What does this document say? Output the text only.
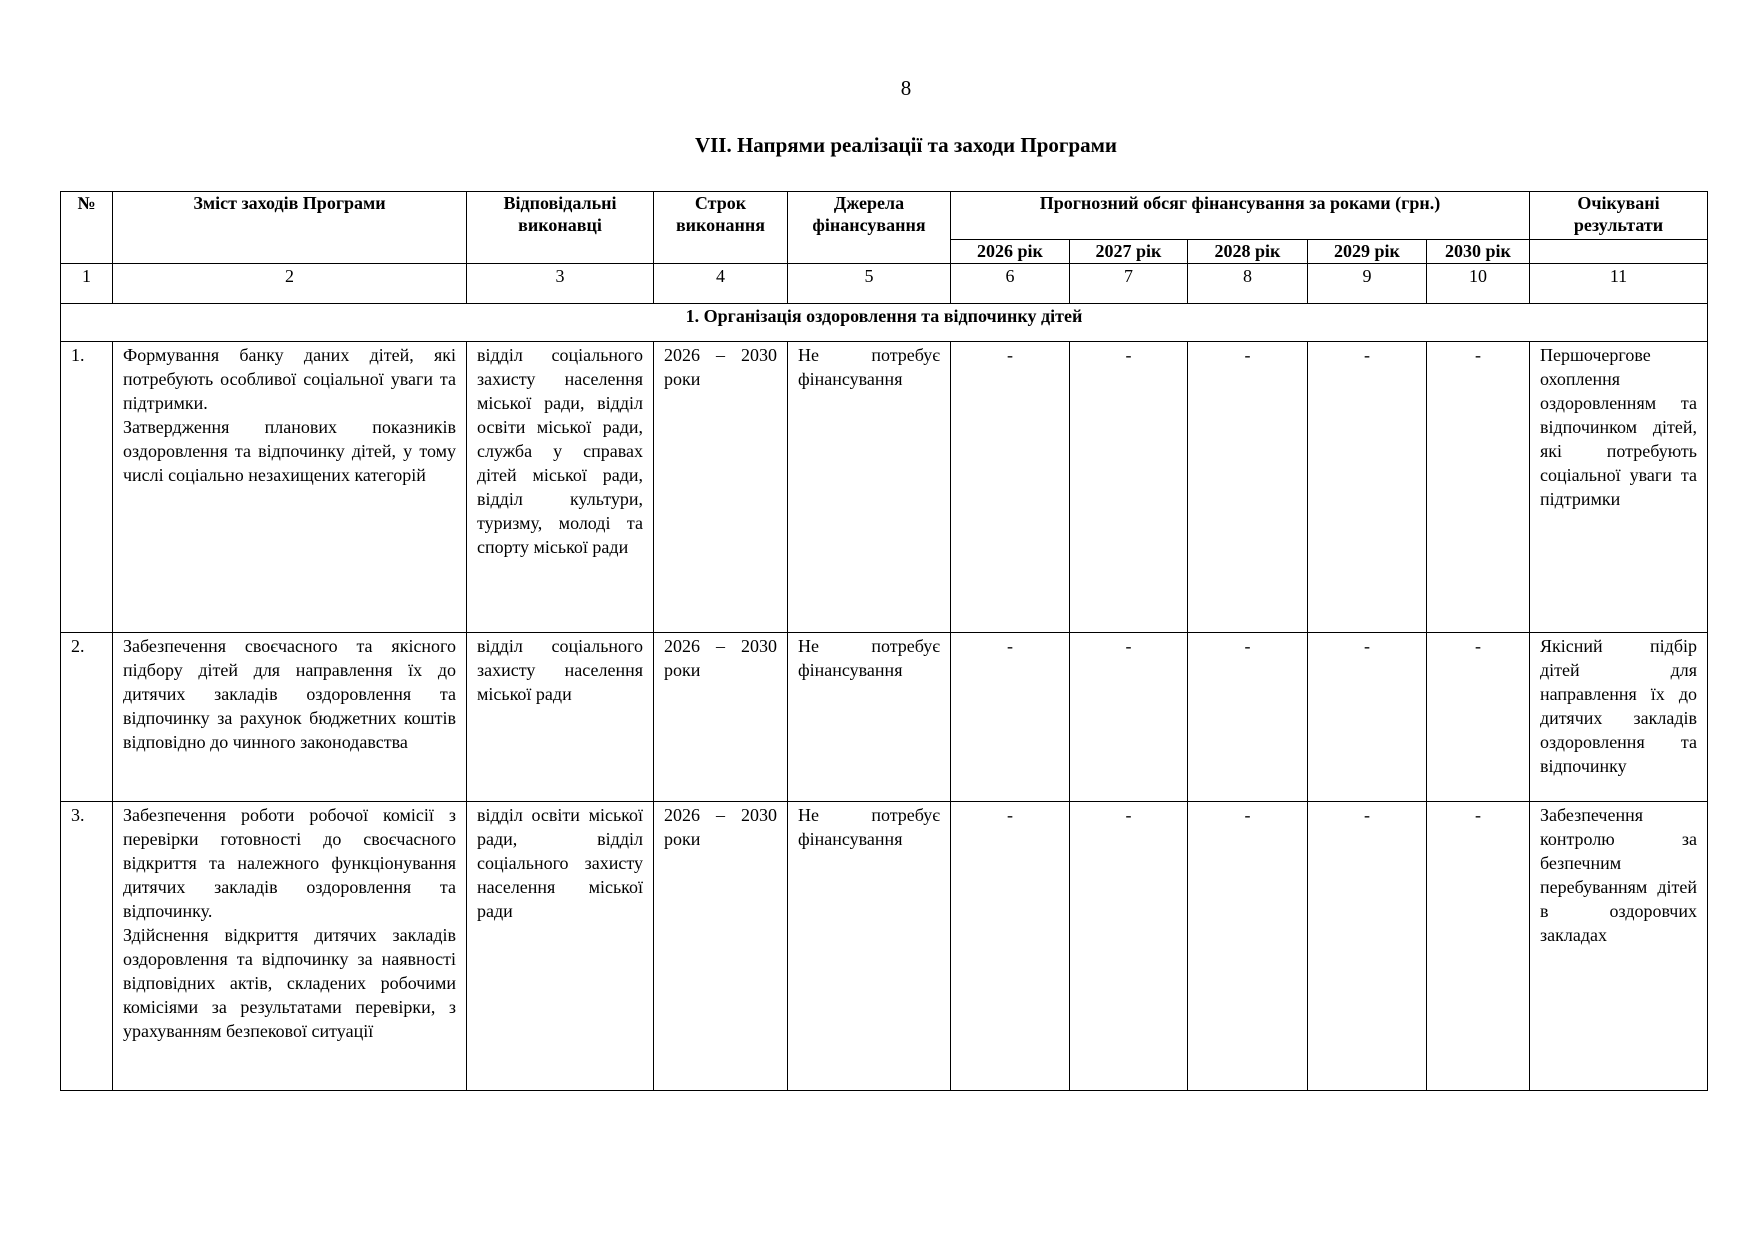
8
VII. Напрями реалізації та заходи Програми
№	Зміст заходів Програми	Відповідальні виконавці	Строк виконання	Джерела фінансування	Прогнозний обсяг фінансування за роками (грн.)					Очікувані результати
					2026 рік	2027 рік	2028 рік	2029 рік	2030 рік	
1	2	3	4	5	6	7	8	9	10	11
1. Організація оздоровлення та відпочинку дітей										
1.	Формування банку даних дітей, які потребують особливої соціальної уваги та підтримки.
Затвердження планових показників оздоровлення та відпочинку дітей, у тому числі соціально незахищених категорій	відділ соціального захисту населення міської ради, відділ освіти міської ради, служба у справах дітей міської ради, відділ культури, туризму, молоді та спорту міської ради	2026 – 2030 роки	Не потребує фінансування	-	-	-	-	-	Першочергове охоплення оздоровленням та відпочинком дітей, які потребують соціальної уваги та підтримки
2.	Забезпечення своєчасного та якісного підбору дітей для направлення їх до дитячих закладів оздоровлення та відпочинку за рахунок бюджетних коштів відповідно до чинного законодавства	відділ соціального захисту населення міської ради	2026 – 2030 роки	Не потребує фінансування	-	-	-	-	-	Якісний підбір дітей для направлення їх до дитячих закладів оздоровлення та відпочинку
3.	Забезпечення роботи робочої комісії з перевірки готовності до своєчасного відкриття та належного функціонування дитячих закладів оздоровлення та відпочинку.
Здійснення відкриття дитячих закладів оздоровлення та відпочинку за наявності відповідних актів, складених робочими комісіями за результатами перевірки, з урахуванням безпекової ситуації	відділ освіти міської ради, відділ соціального захисту населення міської ради	2026 – 2030 роки	Не потребує фінансування	-	-	-	-	-	Забезпечення контролю за безпечним перебуванням дітей в оздоровчих закладах
